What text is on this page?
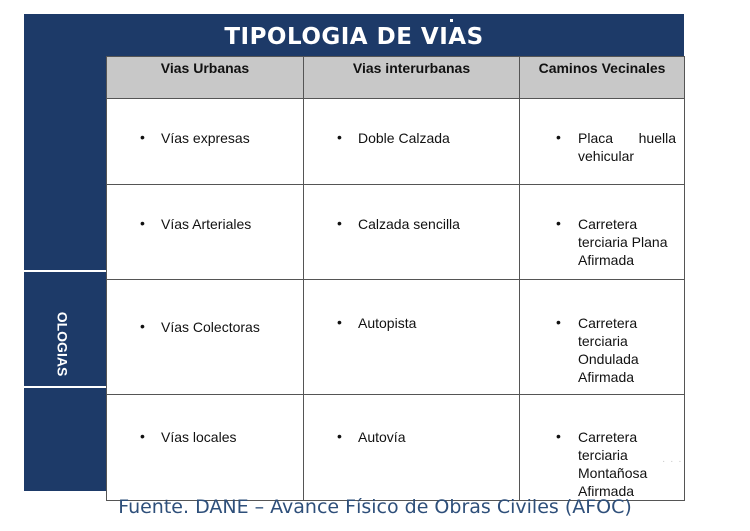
TIPOLOGIA DE VIAS
OLOGIAS
Vias Urbanas	Vias interurbanas	Caminos Vecinales

• Vías expresas	• Doble Calzada	• Placa huella vehicular

• Vías Arteriales	• Calzada sencilla	• Carretera terciaria Plana Afirmada

• Vías Colectoras	• Autopista	• Carretera terciaria Ondulada Afirmada

• Vías locales	• Autovía	• Carretera terciaria Montañosa Afirmada
· · ·
Fuente. DANE – Avance Físico de Obras Civiles (AFOC)
